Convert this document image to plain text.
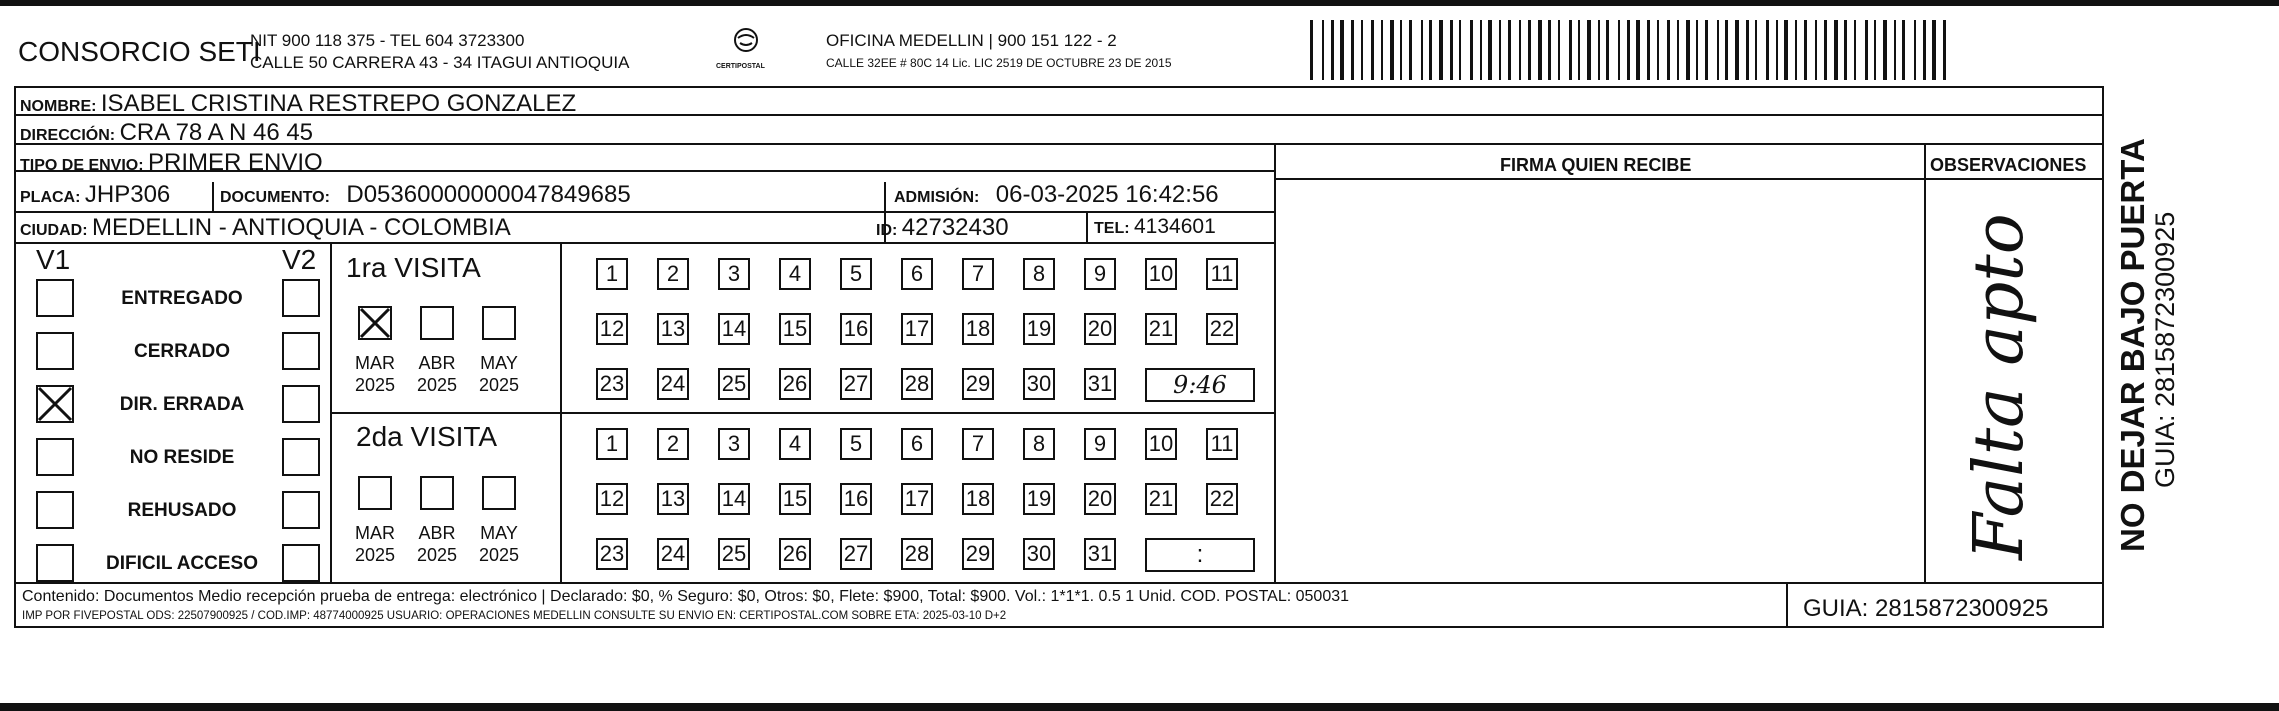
CONSORCIO SETI
NIT 900 118 375 - TEL 604 3723300
CALLE 50 CARRERA 43 - 34 ITAGUI ANTIOQUIA	CERTIPOSTAL
OFICINA MEDELLIN | 900 151 122 - 2
CALLE 32EE # 80C 14 Lic. LIC 2519 DE OCTUBRE 23 DE 2015
NOMBRE: ISABEL CRISTINA RESTREPO GONZALEZ
DIRECCIÓN: CRA 78 A N 46 45
TIPO DE ENVIO: PRIMER ENVIO	FIRMA QUIEN RECIBE	OBSERVACIONES
PLACA: JHP306	DOCUMENTO: D05360000000047849685	ADMISIÓN: 06-03-2025 16:42:56
CIUDAD: MEDELLIN - ANTIOQUIA - COLOMBIA	ID: 42732430	TEL: 4134601
V1	V2
ENTREGADO
CERRADO
DIR. ERRADA
NO RESIDE
REHUSADO
DIFICIL ACCESO
1ra VISITA
2da VISITA
MAR
2025
ABR
2025
MAY
2025
MAR
2025
ABR
2025
MAY
2025
1	2	3	4	5	6	7	8	9	10 11
12 13 14 15 16 17 18 19 20 21 22
23 24 25 26 27 28 29 30 31	9:46
1	2	3	4	5	6	7	8	9	10 11
12 13 14 15 16 17 18 19 20 21 22
23 24 25 26 27 28 29 30 31	:	Falta apto
Contenido: Documentos Medio recepción prueba de entrega: electrónico | Declarado: $0, % Seguro: $0, Otros: $0, Flete: $900, Total: $900. Vol.: 1*1*1. 0.5 1 Unid. COD. POSTAL: 050031
IMP POR FIVEPOSTAL ODS: 22507900925 / COD.IMP: 48774000925 USUARIO: OPERACIONES MEDELLIN CONSULTE SU ENVIO EN: CERTIPOSTAL.COM SOBRE ETA: 2025-03-10 D+2	GUIA: 2815872300925
NO DEJAR BAJO PUERTA GUIA: 2815872300925
